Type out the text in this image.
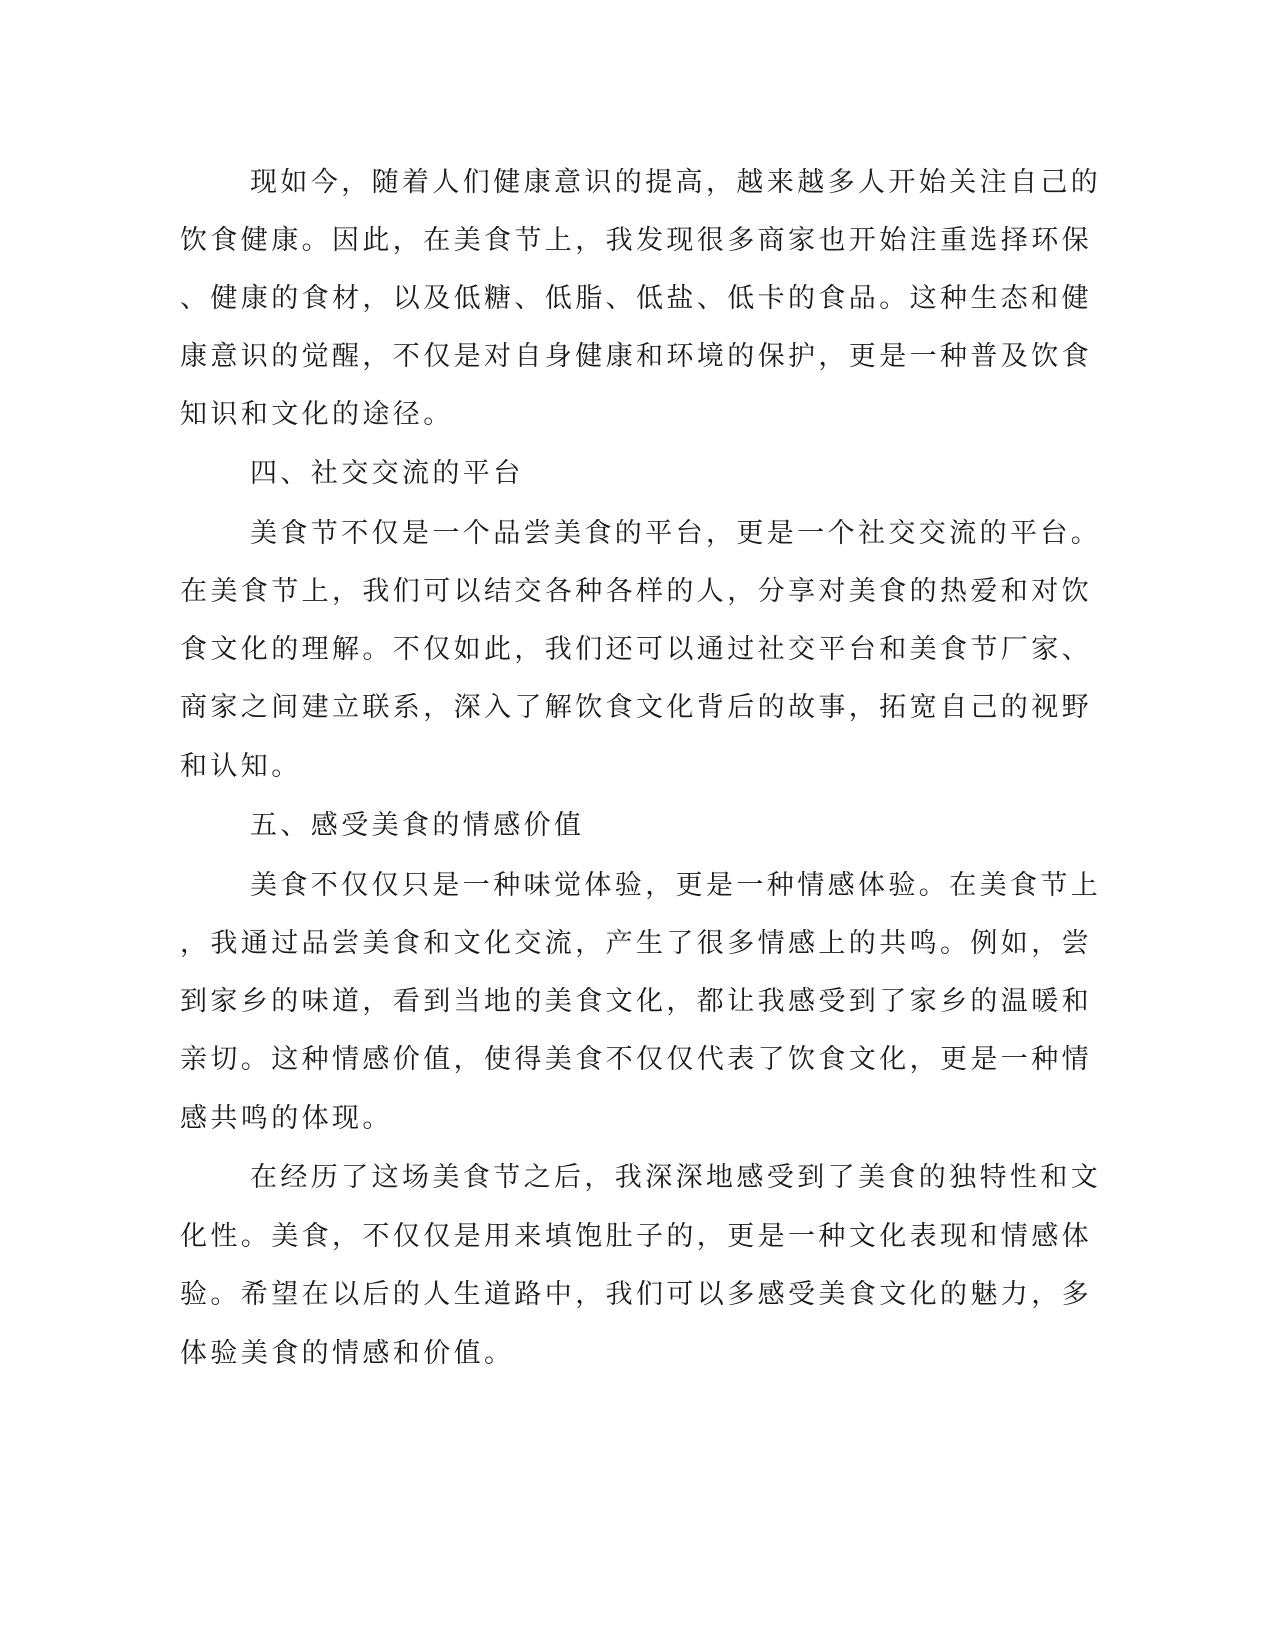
现如今，随着人们健康意识的提高，越来越多人开始关注自己的
饮食健康。因此，在美食节上，我发现很多商家也开始注重选择环保
、健康的食材，以及低糖、低脂、低盐、低卡的食品。这种生态和健
康意识的觉醒，不仅是对自身健康和环境的保护，更是一种普及饮食
知识和文化的途径。
四、社交交流的平台
美食节不仅是一个品尝美食的平台，更是一个社交交流的平台。
在美食节上，我们可以结交各种各样的人，分享对美食的热爱和对饮
食文化的理解。不仅如此，我们还可以通过社交平台和美食节厂家、
商家之间建立联系，深入了解饮食文化背后的故事，拓宽自己的视野
和认知。
五、感受美食的情感价值
美食不仅仅只是一种味觉体验，更是一种情感体验。在美食节上
，我通过品尝美食和文化交流，产生了很多情感上的共鸣。例如，尝
到家乡的味道，看到当地的美食文化，都让我感受到了家乡的温暖和
亲切。这种情感价值，使得美食不仅仅代表了饮食文化，更是一种情
感共鸣的体现。
在经历了这场美食节之后，我深深地感受到了美食的独特性和文
化性。美食，不仅仅是用来填饱肚子的，更是一种文化表现和情感体
验。希望在以后的人生道路中，我们可以多感受美食文化的魅力，多
体验美食的情感和价值。
